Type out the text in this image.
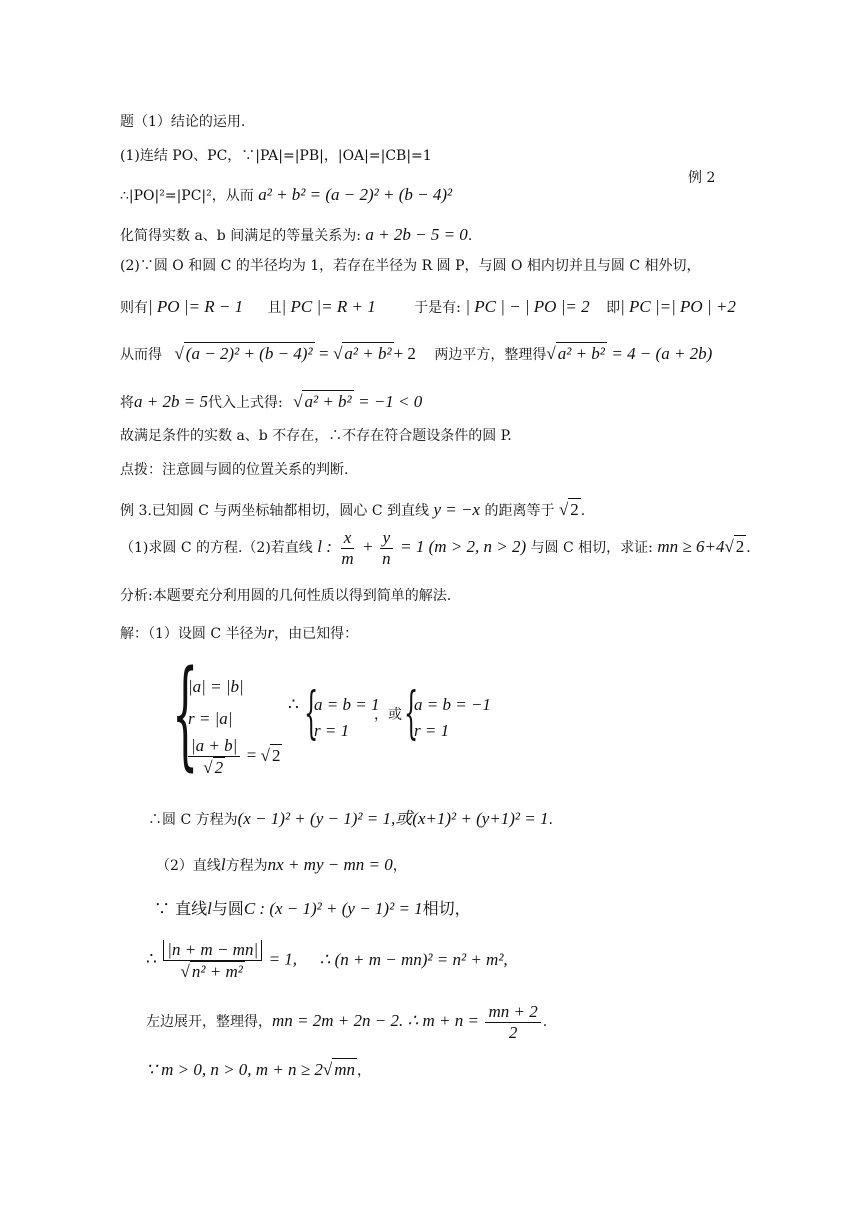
例 2
题（1）结论的运用.
(1)连结 PO、PC，∵|PA|=|PB|，|OA|=|CB|=1
∴|PO|²=|PC|²，从而 a² + b² = (a − 2)² + (b − 4)²
化简得实数 a、b 间满足的等量关系为: a + 2b − 5 = 0.
(2)∵圆 O 和圆 C 的半径均为 1，若存在半径为 R 圆 P，与圆 O 相内切并且与圆 C 相外切，
则有| PO |= R − 1 且| PC |= R + 1	于是有: | PC | − | PO |= 2 即| PC |=| PO | +2
从而得 √ (a − 2)² + (b − 4)² = √ a² + b² + 2 两边平方，整理得√ a² + b² = 4 − (a + 2b)
将a + 2b = 5代入上式得: √ a² + b² = −1 < 0
故满足条件的实数 a、b 不存在，∴不存在符合题设条件的圆 P.
点拨：注意圆与圆的位置关系的判断.
例 3.已知圆 C 与两坐标轴都相切，圆心 C 到直线 y = −x 的距离等于 √ 2 .
（1)求圆 C 的方程.（2)若直线 l : $\frac{x}{m} + \frac{y}{n} = 1$ (m > 2, n > 2) 与圆 C 相切，求证: mn ≥ 6+4√ 2 .
分析:本题要充分利用圆的几何性质以得到简单的解法.
解：（1）设圆 C 半径为r，由已知得：
{
|a| = |b|
r = |a|
$\frac{|a + b|}{√ 2}$ = √ 2
∴ {
a = b = 1
r = 1
，或 {
a = b = −1
r = 1
∴圆 C 方程为(x − 1)² + (y − 1)² = 1,或(x+1)² + (y+1)² = 1.
（2）直线l方程为nx + my − mn = 0，
∵ 直线l与圆C : (x − 1)² + (y − 1)² = 1相切，
∴ $\frac{|n + m - mn|}{\text{√ n² + m²}} = 1$, ∴ (n + m − mn)² = n² + m²,
左边展开，整理得，mn = 2m + 2n − 2. ∴ $m + n = \frac{mn + 2}{2}$ .
∵ m > 0, n > 0, m + n ≥ 2√ mn ，
